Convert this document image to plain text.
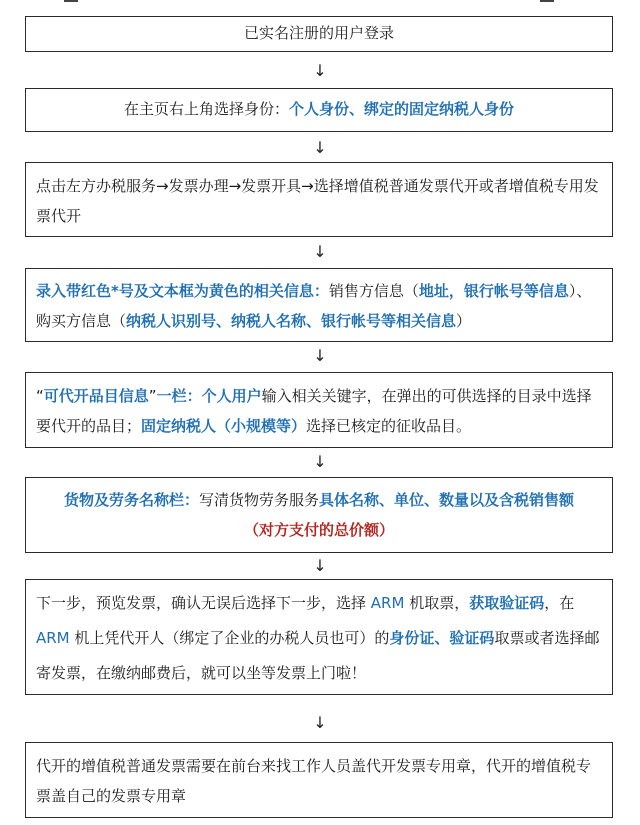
已实名注册的用户登录
↓
在主页右上角选择身份：个人身份、绑定的固定纳税人身份
↓
点击左方办税服务→发票办理→发票开具→选择增值税普通发票代开或者增值税专用发票代开
↓
录入带红色*号及文本框为黄色的相关信息：销售方信息（地址，银行帐号等信息）、购买方信息（纳税人识别号、纳税人名称、银行帐号等相关信息）
↓
“可代开品目信息”一栏：个人用户输入相关关键字，在弹出的可供选择的目录中选择要代开的品目；固定纳税人（小规模等）选择已核定的征收品目。
↓
货物及劳务名称栏：写清货物劳务服务具体名称、单位、数量以及含税销售额
（对方支付的总价额）
↓
下一步，预览发票，确认无误后选择下一步，选择 ARM 机取票，获取验证码，在 ARM 机上凭代开人（绑定了企业的办税人员也可）的身份证、验证码取票或者选择邮寄发票，在缴纳邮费后，就可以坐等发票上门啦！
↓
代开的增值税普通发票需要在前台来找工作人员盖代开发票专用章，代开的增值税专票盖自己的发票专用章
